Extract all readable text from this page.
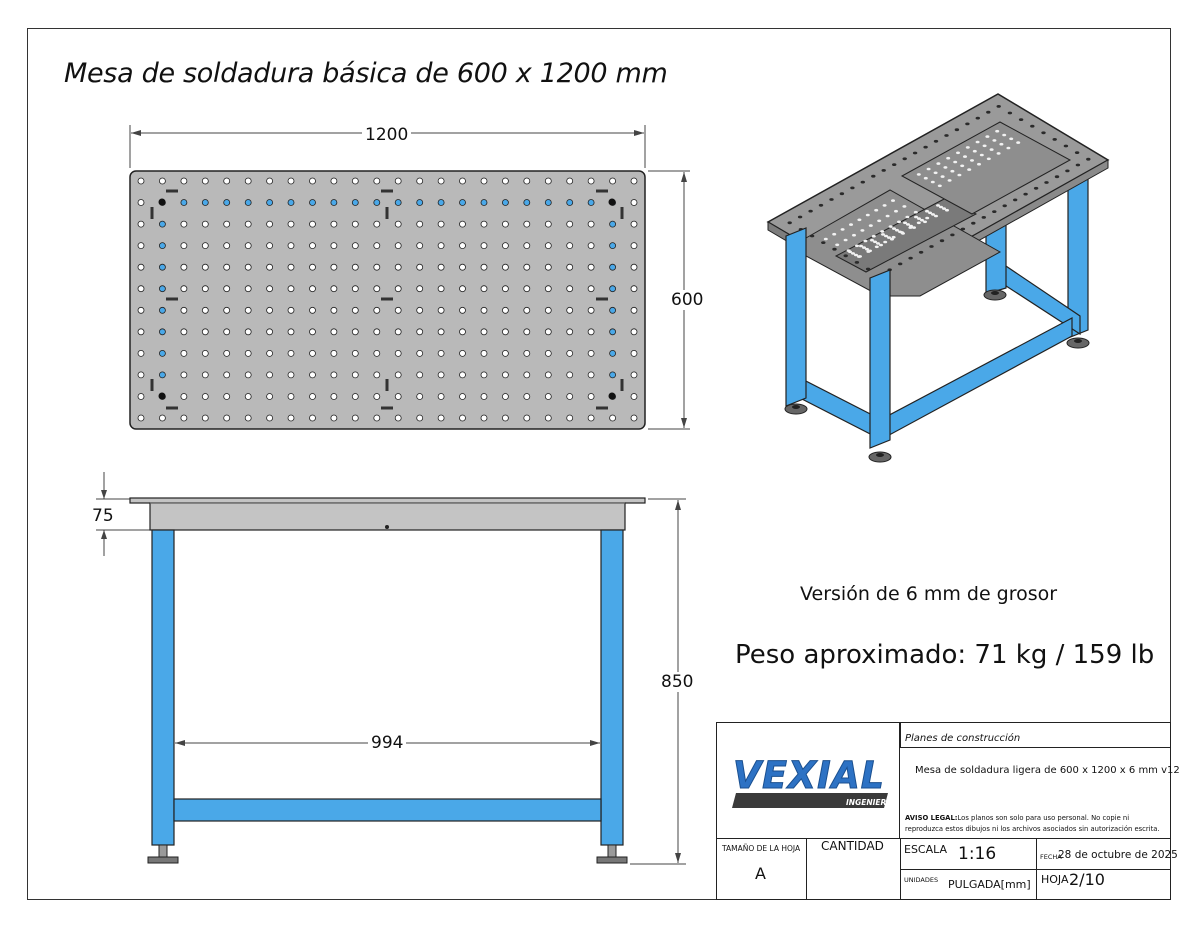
Mesa de soldadura básica de 600 x 1200 mm
1200
600
75
850
994
Versión de 6 mm de grosor
Peso aproximado: 71 kg / 159 lb
INGENIEROS
VEXIAL
Planes de construcción
Mesa de soldadura ligera de 600 x 1200 x 6 mm v12
AVISO LEGAL:Los planos son solo para uso personal. No copie ni reproduzca estos dibujos ni los archivos asociados sin autorización escrita.
TAMAÑO DE LA HOJA
A
CANTIDAD ESCALA 1:16	FECHA
28 de octubre de 2025
UNIDADES PULGADA[mm] HOJA 2/10
